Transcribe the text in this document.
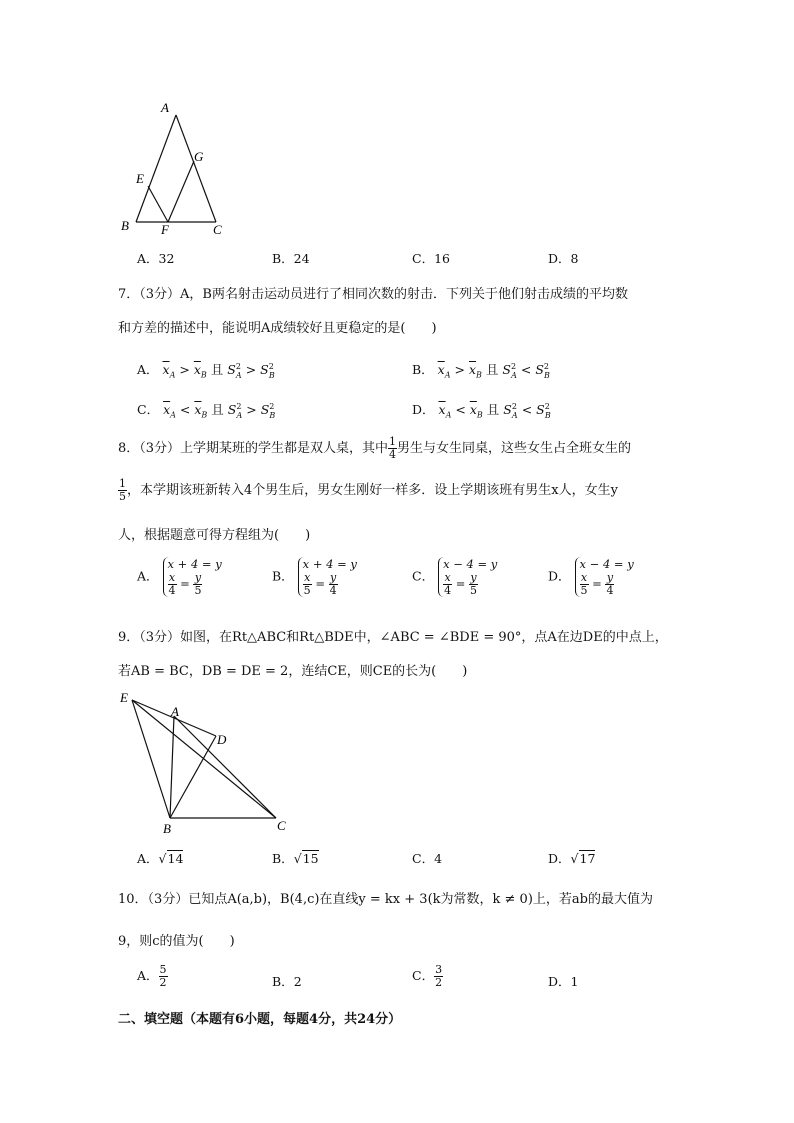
A
G
E
B F	C
A．32	B．24	C．16	D．8
7．（3分）A，B两名射击运动员进行了相同次数的射击．下列关于他们射击成绩的平均数
和方差的描述中，能说明A成绩较好且更稳定的是(　　)
A． $\overline{x}_A > \overline{x}_B$ 且 $S^2_A > S^2_B$	B． $\overline{x}_A > \overline{x}_B$ 且 $S^2_A < S^2_B$
C． $\overline{x}_A < \overline{x}_B$ 且 $S^2_A > S^2_B$	D． $\overline{x}_A < \overline{x}_B$ 且 $S^2_A < S^2_B$
8．（3分）上学期某班的学生都是双人桌，其中 $\frac{1}{4}$ 男生与女生同桌，这些女生占全班女生的
$\frac{1}{5}$ ，本学期该班新转入4个男生后，男女生刚好一样多．设上学期该班有男生x人，女生y
人，根据题意可得方程组为(　　)
A．
x + 4 = y
$\frac{x}{4} = \frac{y}{5}$	B．
x + 4 = y
$\frac{x}{5} = \frac{y}{4}$	C．
x − 4 = y
$\frac{x}{4} = \frac{y}{5}$	D．
x − 4 = y
$\frac{x}{5} = \frac{y}{4}$
9．（3分）如图，在Rt△ABC和Rt△BDE中，∠ABC = ∠BDE = 90°，点A在边DE的中点上，
若AB = BC，DB = DE = 2，连结CE，则CE的长为(　　)
E
A
D
B	C
A．√14	B．√15	C．4	D．√17
10．（3分）已知点A(a,b)，B(4,c)在直线y = kx + 3(k为常数，k ≠ 0)上，若ab的最大值为
9，则c的值为(　　)
A． $\frac{5}{2}$	B．2	C． $\frac{3}{2}$	D．1
二、填空题（本题有6小题，每题4分，共24分）
